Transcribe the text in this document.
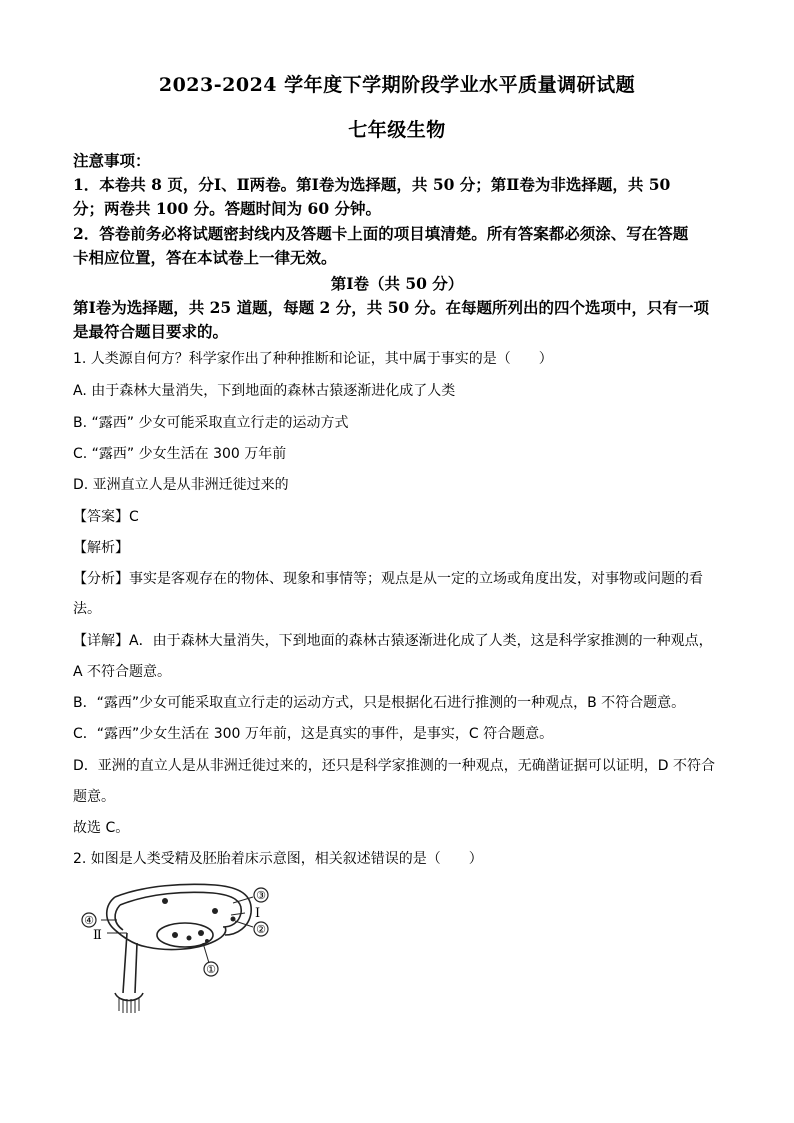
2023-2024 学年度下学期阶段学业水平质量调研试题
七年级生物
注意事项：
1．本卷共 8 页，分Ⅰ、Ⅱ两卷。第Ⅰ卷为选择题，共 50 分；第Ⅱ卷为非选择题，共 50
分；两卷共 100 分。答题时间为 60 分钟。
2．答卷前务必将试题密封线内及答题卡上面的项目填清楚。所有答案都必须涂、写在答题
卡相应位置，答在本试卷上一律无效。
第Ⅰ卷（共 50 分）
第Ⅰ卷为选择题，共 25 道题，每题 2 分，共 50 分。在每题所列出的四个选项中，只有一项
是最符合题目要求的。
1. 人类源自何方？科学家作出了种种推断和论证，其中属于事实的是（　　）
A. 由于森林大量消失，下到地面的森林古猿逐渐进化成了人类
B. “露西” 少女可能采取直立行走的运动方式
C. “露西” 少女生活在 300 万年前
D. 亚洲直立人是从非洲迁徙过来的
【答案】C
【解析】
【分析】事实是客观存在的物体、现象和事情等；观点是从一定的立场或角度出发，对事物或问题的看
法。
【详解】A．由于森林大量消失，下到地面的森林古猿逐渐进化成了人类，这是科学家推测的一种观点，
A 不符合题意。
B．“露西”少女可能采取直立行走的运动方式，只是根据化石进行推测的一种观点，B 不符合题意。
C．“露西”少女生活在 300 万年前，这是真实的事件，是事实，C 符合题意。
D．亚洲的直立人是从非洲迁徙过来的，还只是科学家推测的一种观点，无确凿证据可以证明，D 不符合
题意。
故选 C。
2. 如图是人类受精及胚胎着床示意图，相关叙述错误的是（　　）
③
②
④
①
Ⅰ
Ⅱ
